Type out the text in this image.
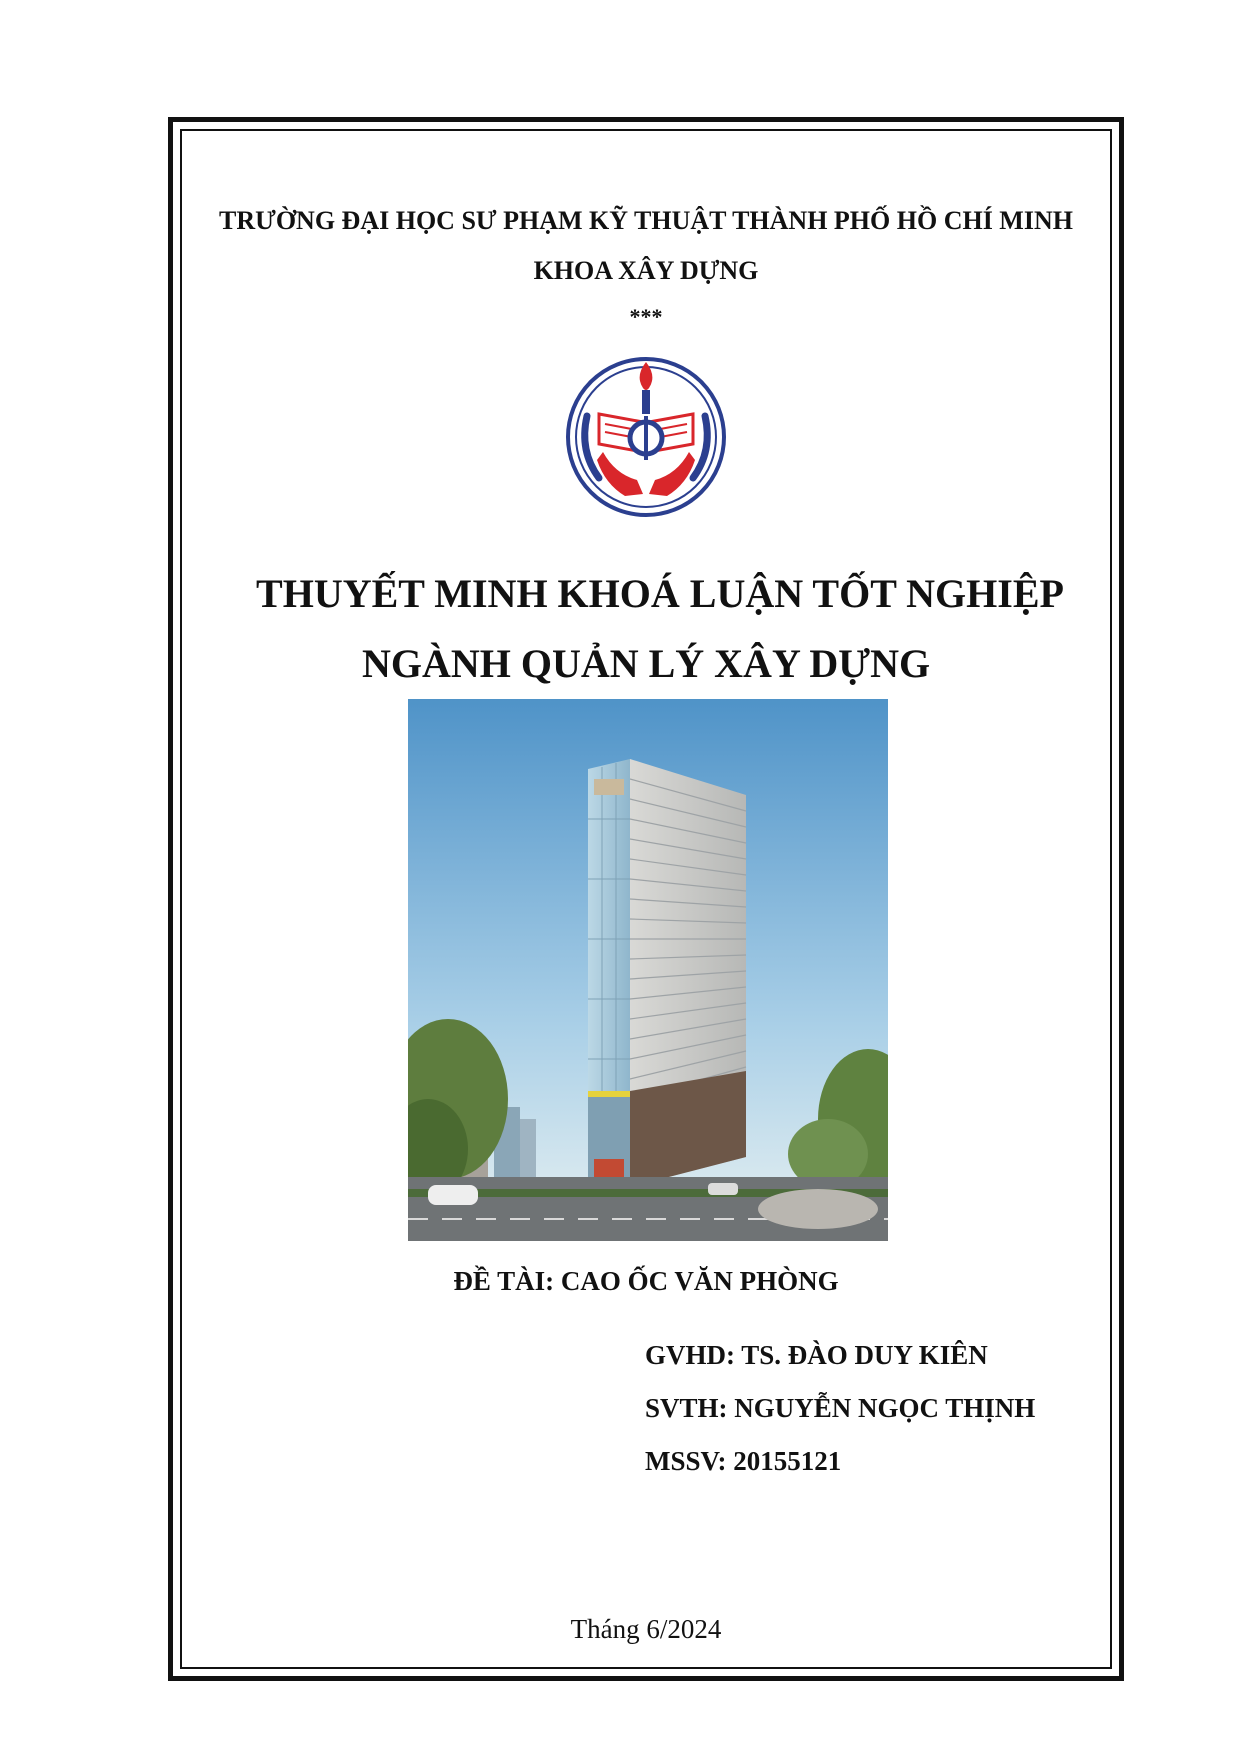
TRƯỜNG ĐẠI HỌC SƯ PHẠM KỸ THUẬT THÀNH PHỐ HỒ CHÍ MINH
KHOA XÂY DỰNG
***
THUYẾT MINH KHOÁ LUẬN TỐT NGHIỆP
NGÀNH QUẢN LÝ XÂY DỰNG
ĐỀ TÀI: CAO ỐC VĂN PHÒNG
GVHD: TS. ĐÀO DUY KIÊN
SVTH: NGUYỄN NGỌC THỊNH
MSSV: 20155121
Tháng 6/2024
